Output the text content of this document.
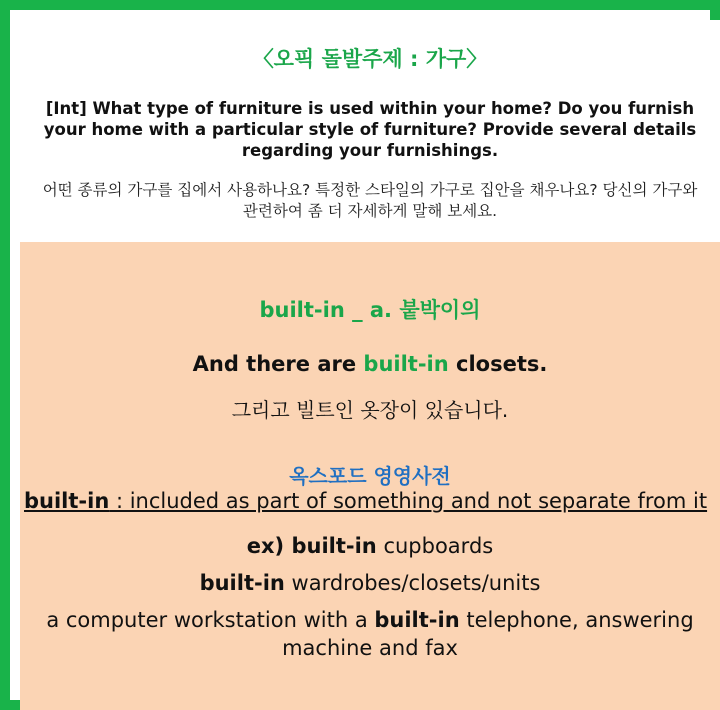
〈오픽 돌발주제 : 가구〉
[Int] What type of furniture is used within your home? Do you furnish your home with a particular style of furniture? Provide several details regarding your furnishings.
어떤 종류의 가구를 집에서 사용하나요? 특정한 스타일의 가구로 집안을 채우나요? 당신의 가구와 관련하여 좀 더 자세하게 말해 보세요.
built-in _ a. 붙박이의
And there are built-in closets.
그리고 빌트인 옷장이 있습니다.
옥스포드 영영사전
built-in : included as part of something and not separate from it
ex) built-in cupboards
built-in wardrobes/closets/units
a computer workstation with a built-in telephone, answering machine and fax
